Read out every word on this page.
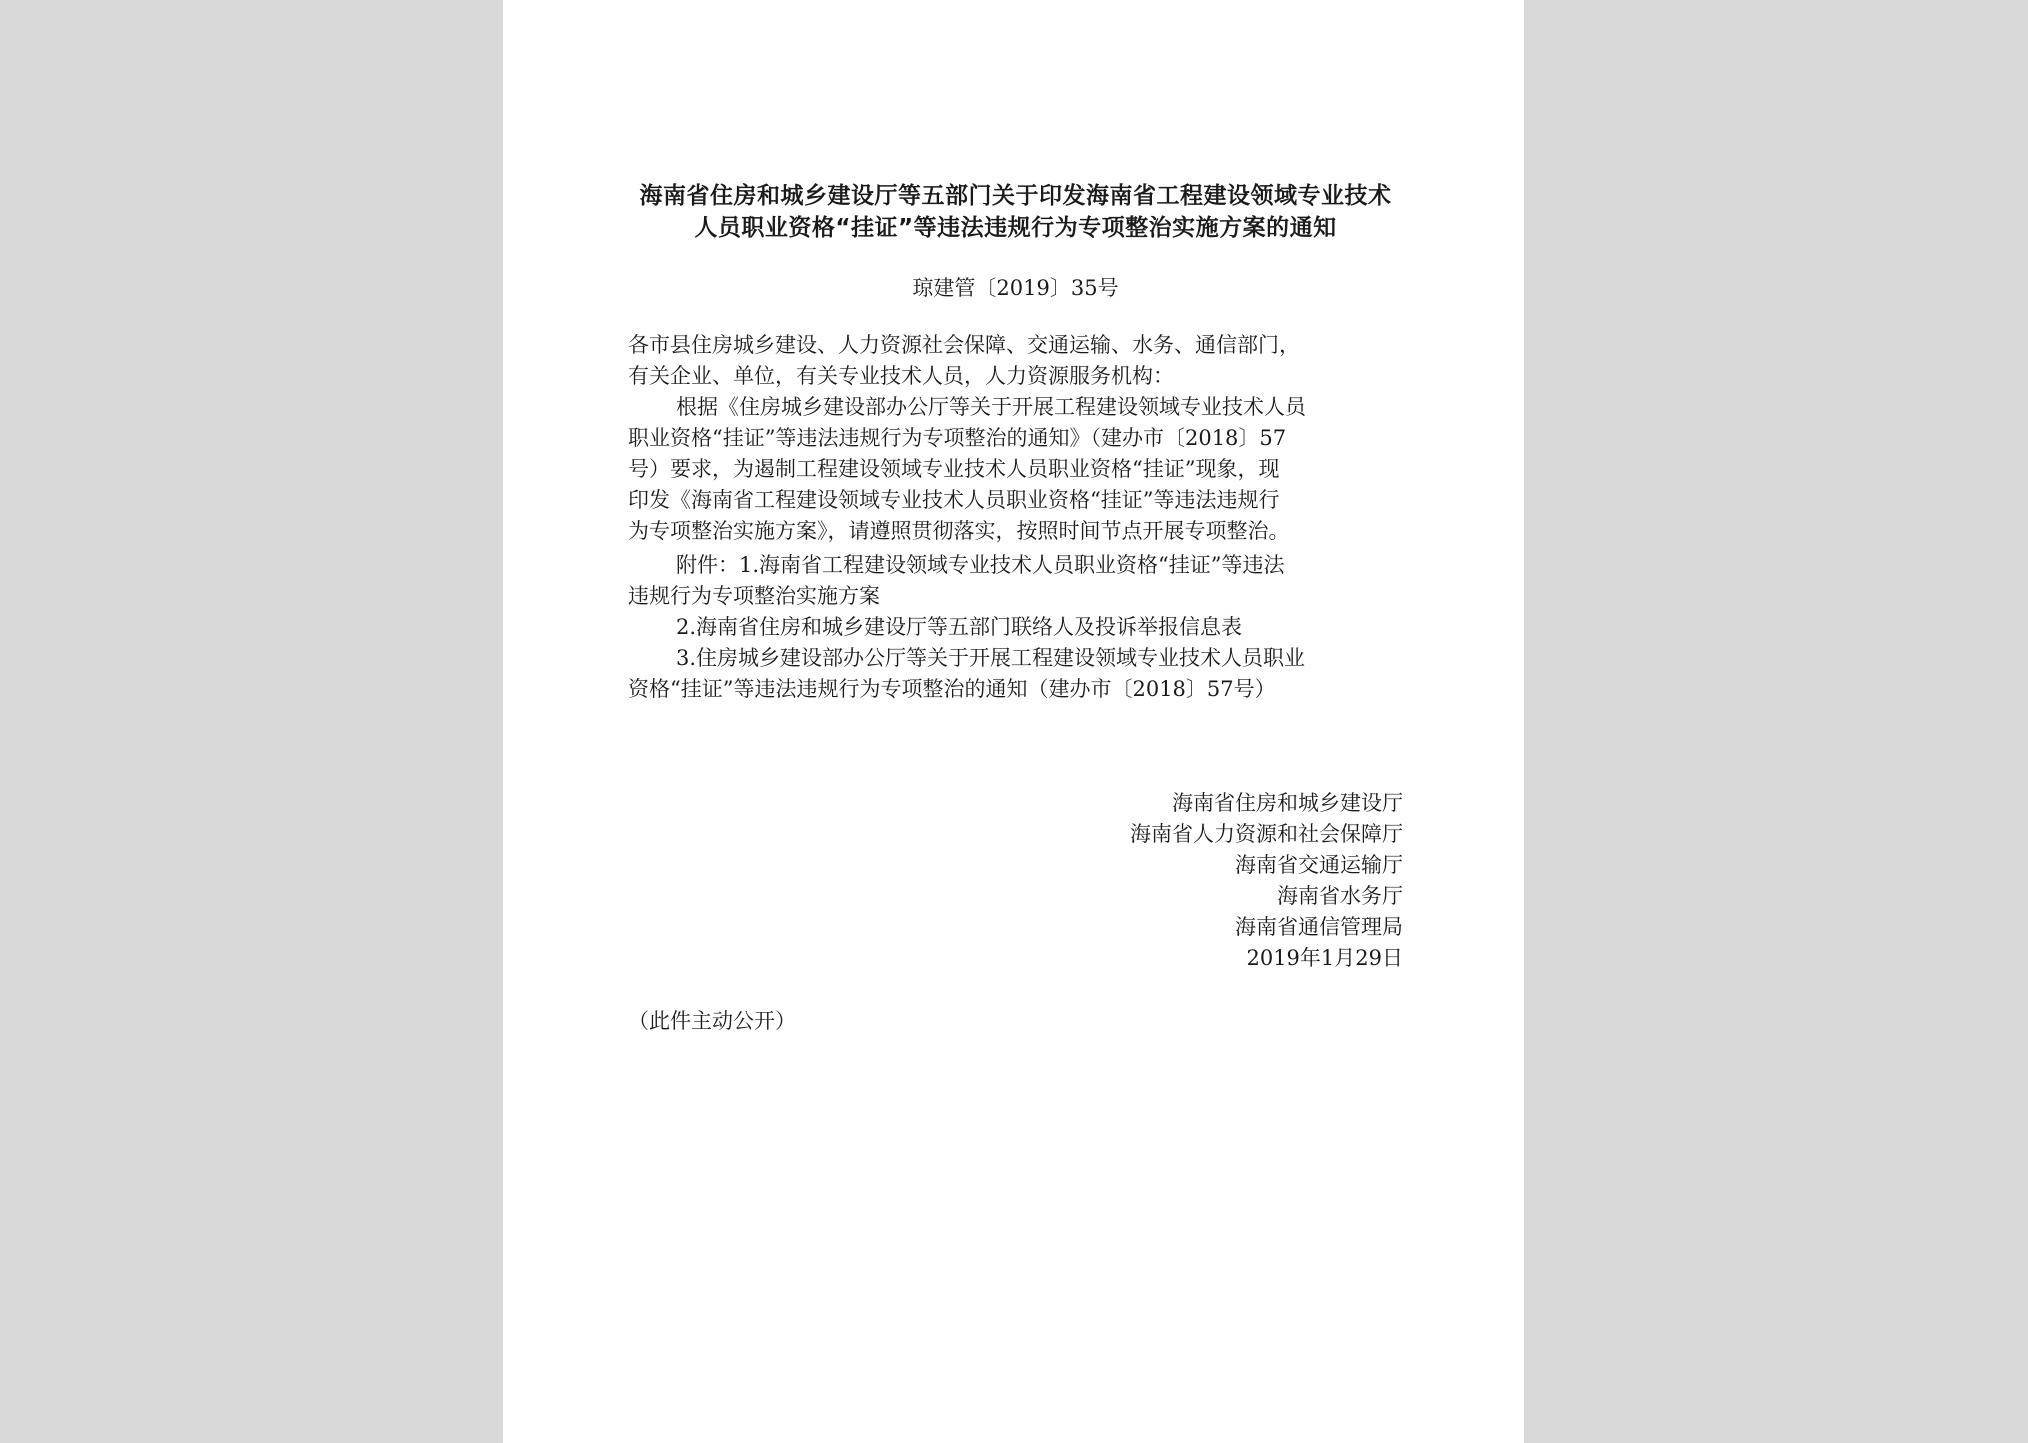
海南省住房和城乡建设厅等五部门关于印发海南省工程建设领域专业技术
人员职业资格“挂证”等违法违规行为专项整治实施方案的通知
琼建管〔2019〕35号
各市县住房城乡建设、人力资源社会保障、交通运输、水务、通信部门，
有关企业、单位，有关专业技术人员，人力资源服务机构：
根据《住房城乡建设部办公厅等关于开展工程建设领域专业技术人员
职业资格“挂证”等违法违规行为专项整治的通知》（建办市〔2018〕57
号）要求，为遏制工程建设领域专业技术人员职业资格“挂证”现象，现
印发《海南省工程建设领域专业技术人员职业资格“挂证”等违法违规行
为专项整治实施方案》，请遵照贯彻落实，按照时间节点开展专项整治。
附件：1.海南省工程建设领域专业技术人员职业资格“挂证”等违法
违规行为专项整治实施方案
2.海南省住房和城乡建设厅等五部门联络人及投诉举报信息表
3.住房城乡建设部办公厅等关于开展工程建设领域专业技术人员职业
资格“挂证”等违法违规行为专项整治的通知（建办市〔2018〕57号）
海南省住房和城乡建设厅
海南省人力资源和社会保障厅
海南省交通运输厅
海南省水务厅
海南省通信管理局
2019年1月29日
（此件主动公开）
